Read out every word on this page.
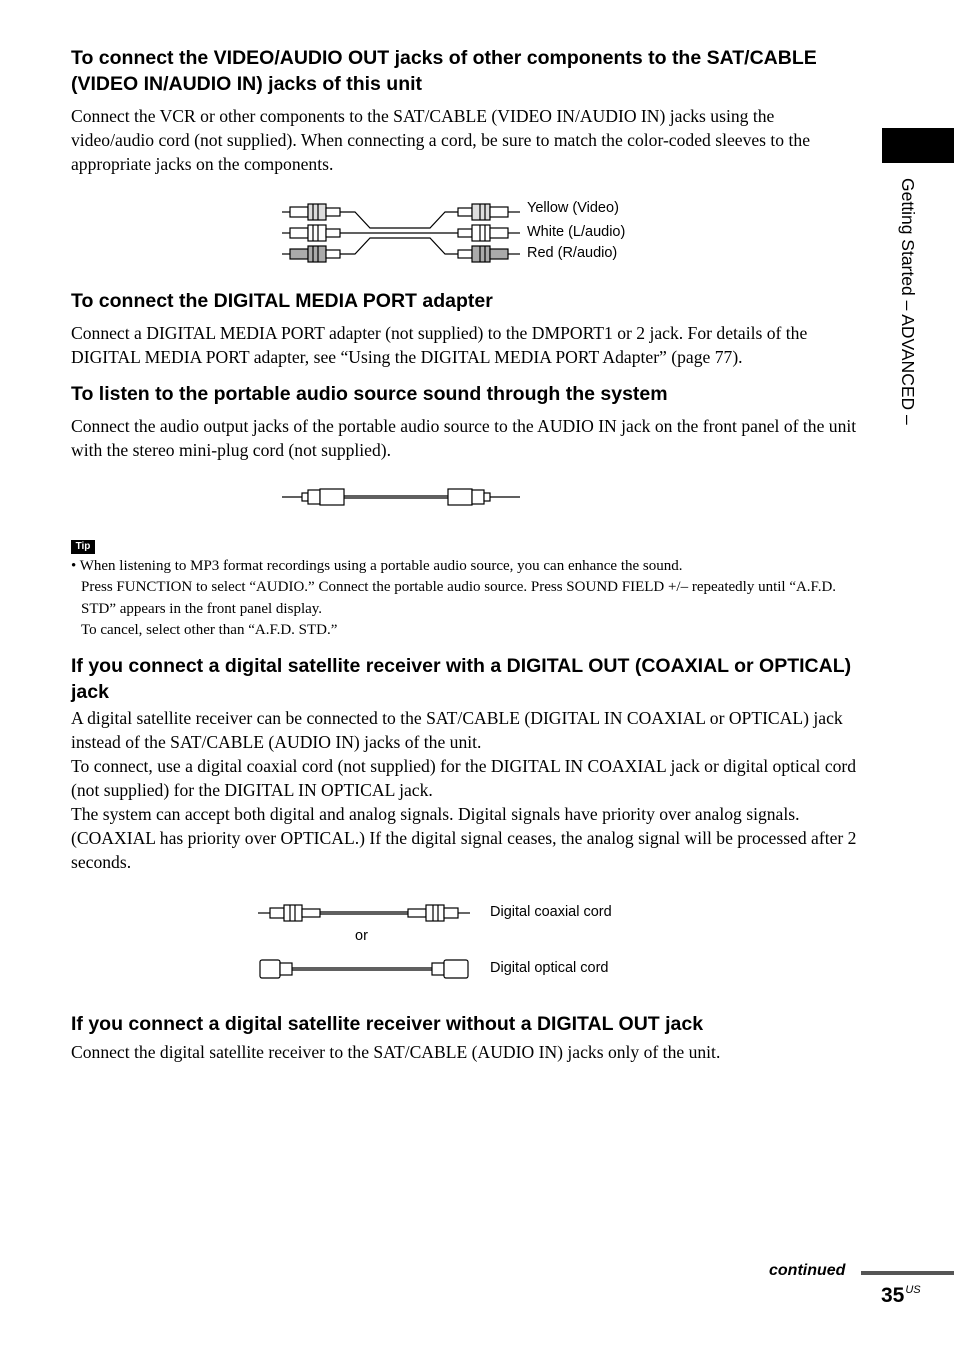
Getting Started – ADVANCED –
To connect the VIDEO/AUDIO OUT jacks of other components to the SAT/CABLE (VIDEO IN/AUDIO IN) jacks of this unit

Connect the VCR or other components to the SAT/CABLE (VIDEO IN/AUDIO IN) jacks using the video/audio cord (not supplied). When connecting a cord, be sure to match the color-coded sleeves to the appropriate jacks on the components.

Yellow (Video)
White (L/audio)
Red (R/audio)
To connect the DIGITAL MEDIA PORT adapter

Connect a DIGITAL MEDIA PORT adapter (not supplied) to the DMPORT1 or 2 jack. For details of the DIGITAL MEDIA PORT adapter, see “Using the DIGITAL MEDIA PORT Adapter” (page 77).

To listen to the portable audio source sound through the system

Connect the audio output jacks of the portable audio source to the AUDIO IN jack on the front panel of the unit with the stereo mini-plug cord (not supplied).

Tip
• When listening to MP3 format recordings using a portable audio source, you can enhance the sound.
Press FUNCTION to select “AUDIO.” Connect the portable audio source. Press SOUND FIELD +/– repeatedly until “A.F.D. STD” appears in the front panel display.
To cancel, select other than “A.F.D. STD.”
If you connect a digital satellite receiver with a DIGITAL OUT (COAXIAL or OPTICAL) jack
A digital satellite receiver can be connected to the SAT/CABLE (DIGITAL IN COAXIAL or OPTICAL) jack instead of the SAT/CABLE (AUDIO IN) jacks of the unit.
To connect, use a digital coaxial cord (not supplied) for the DIGITAL IN COAXIAL jack or digital optical cord (not supplied) for the DIGITAL IN OPTICAL jack.
The system can accept both digital and analog signals. Digital signals have priority over analog signals. (COAXIAL has priority over OPTICAL.) If the digital signal ceases, the analog signal will be processed after 2 seconds.
Digital coaxial cord
or
Digital optical cord
If you connect a digital satellite receiver without a DIGITAL OUT jack

Connect the digital satellite receiver to the SAT/CABLE (AUDIO IN) jacks only of the unit.

continued
$35^{US}$
